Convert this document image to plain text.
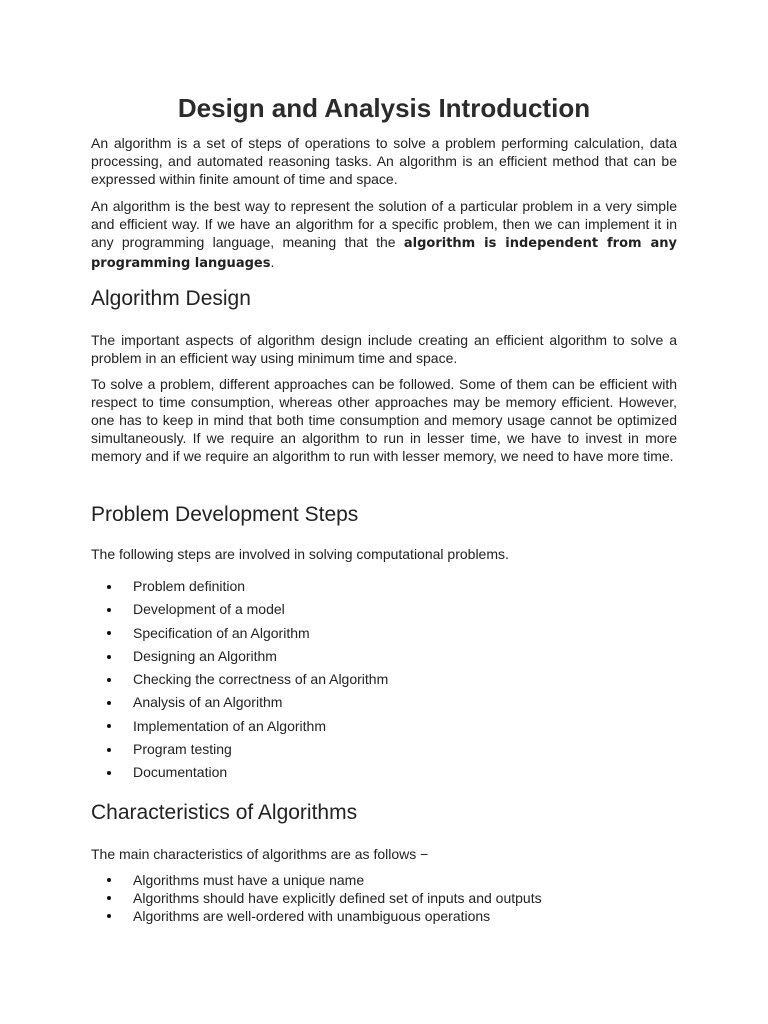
Design and Analysis Introduction

An algorithm is a set of steps of operations to solve a problem performing calculation, data processing, and automated reasoning tasks. An algorithm is an efficient method that can be expressed within finite amount of time and space.

An algorithm is the best way to represent the solution of a particular problem in a very simple and efficient way. If we have an algorithm for a specific problem, then we can implement it in any programming language, meaning that the algorithm is independent from any programming languages.

Algorithm Design

The important aspects of algorithm design include creating an efficient algorithm to solve a problem in an efficient way using minimum time and space.

To solve a problem, different approaches can be followed. Some of them can be efficient with respect to time consumption, whereas other approaches may be memory efficient. However, one has to keep in mind that both time consumption and memory usage cannot be optimized simultaneously. If we require an algorithm to run in lesser time, we have to invest in more memory and if we require an algorithm to run with lesser memory, we need to have more time.

Problem Development Steps

The following steps are involved in solving computational problems.

Problem definition
Development of a model
Specification of an Algorithm
Designing an Algorithm
Checking the correctness of an Algorithm
Analysis of an Algorithm
Implementation of an Algorithm
Program testing
Documentation
Characteristics of Algorithms

The main characteristics of algorithms are as follows −

Algorithms must have a unique name
Algorithms should have explicitly defined set of inputs and outputs
Algorithms are well-ordered with unambiguous operations
